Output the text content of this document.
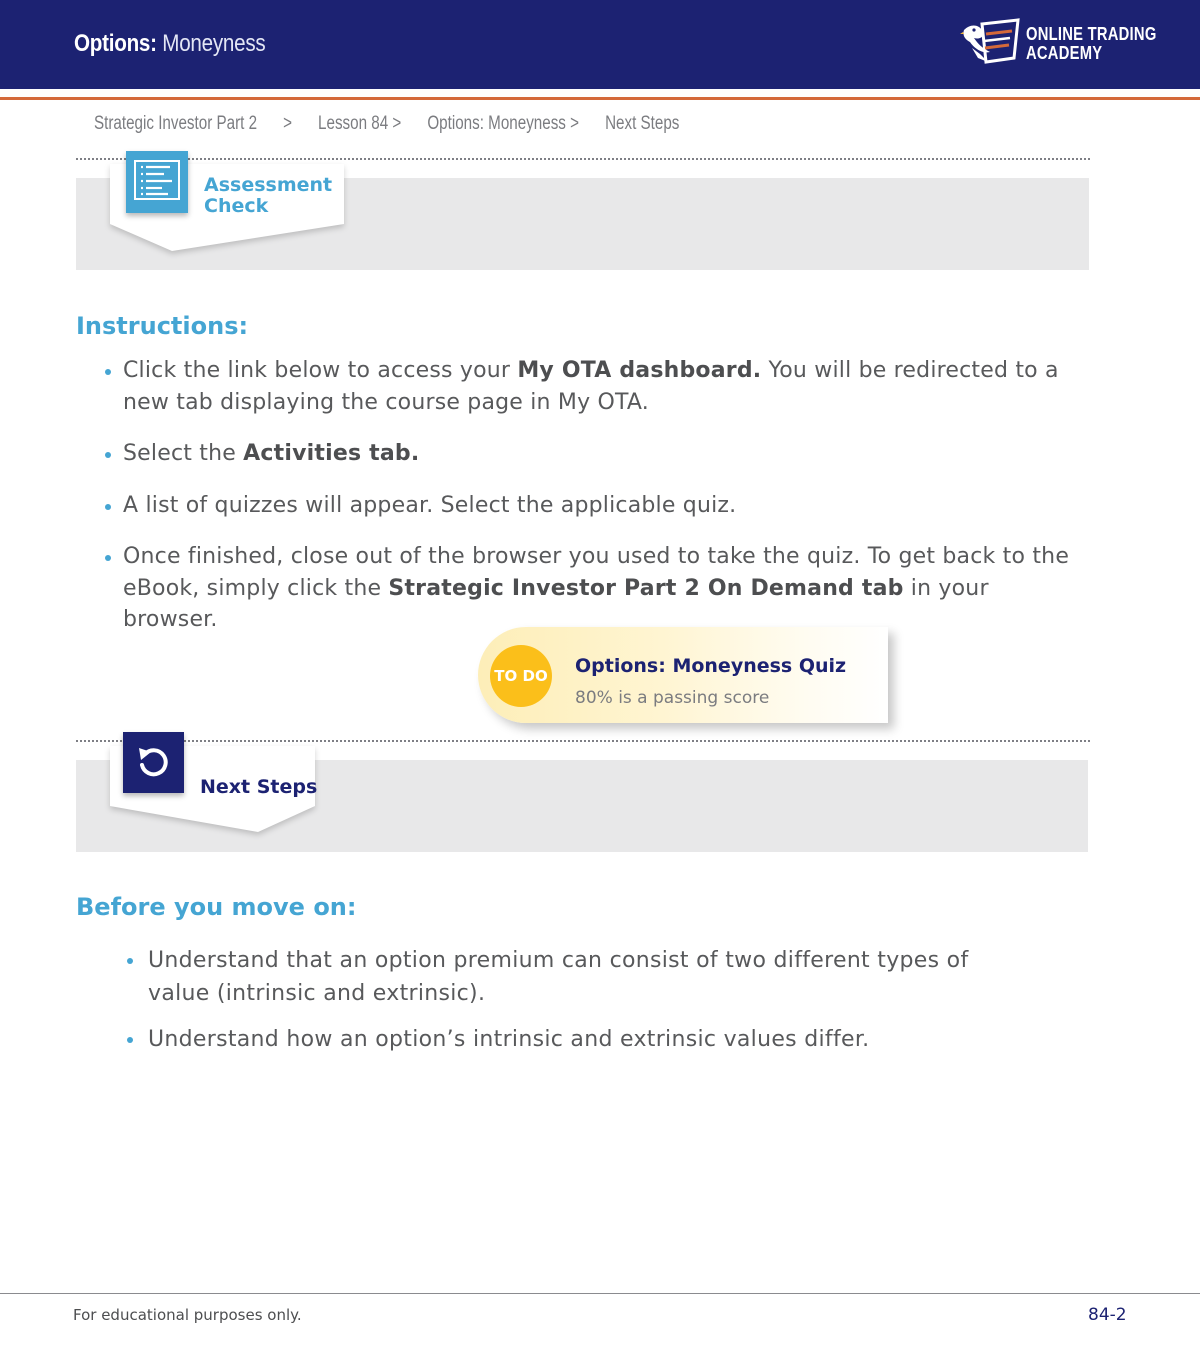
Options: Moneyness	ONLINE TRADING
ACADEMY
Strategic Investor Part 2 > Lesson 84 > Options: Moneyness > Next Steps
Assessment
Check
Instructions:
Click the link below to access your My OTA dashboard. You will be redirected to a new tab displaying the course page in My OTA.
Select the Activities tab.
A list of quizzes will appear. Select the applicable quiz.
Once finished, close out of the browser you used to take the quiz. To get back to the eBook, simply click the Strategic Investor Part 2 On Demand tab in your browser.
TO DO Options: Moneyness Quiz
80% is a passing score
Next Steps
Before you move on:
Understand that an option premium can consist of two different types of value (intrinsic and extrinsic).
Understand how an option’s intrinsic and extrinsic values differ.
For educational purposes only.	84-2
